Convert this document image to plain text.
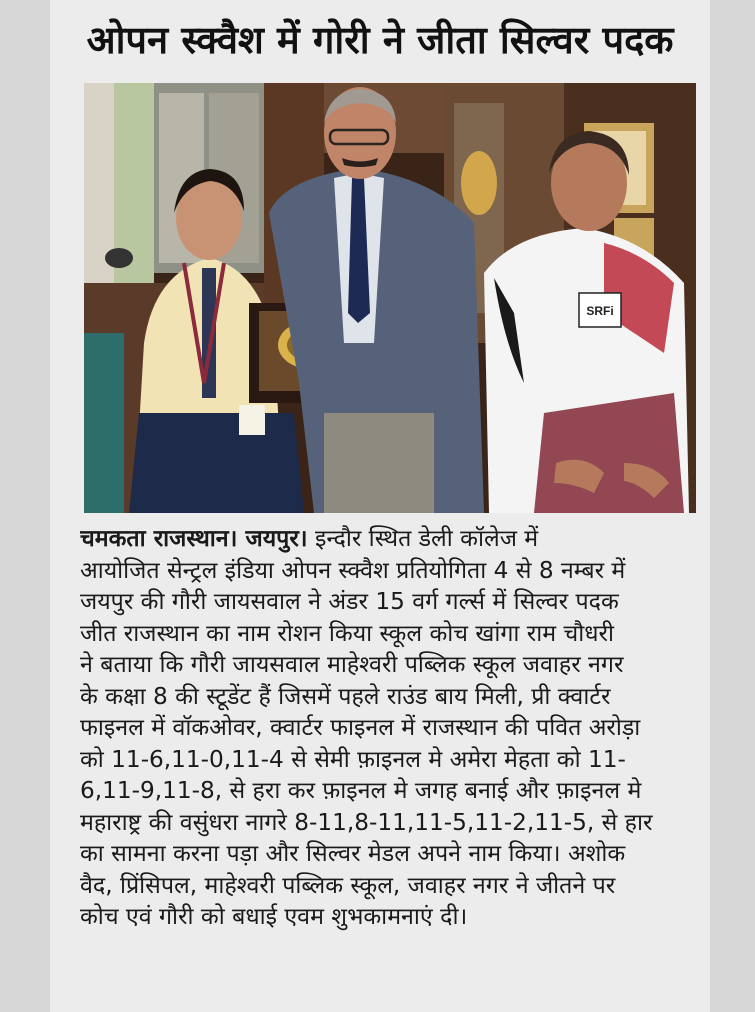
ओपन स्क्वैश में गोरी ने जीता सिल्वर पदक
SRFi
चमकता राजस्थान। जयपुर। इन्दौर स्थित डेली कॉलेज में
आयोजित सेन्ट्रल इंडिया ओपन स्क्वैश प्रतियोगिता 4 से 8 नम्बर में
जयपुर की गौरी जायसवाल ने अंडर 15 वर्ग गर्ल्स में सिल्वर पदक
जीत राजस्थान का नाम रोशन किया स्कूल कोच खांगा राम चौधरी
ने बताया कि गौरी जायसवाल माहेश्वरी पब्लिक स्कूल जवाहर नगर
के कक्षा 8 की स्टूडेंट हैं जिसमें पहले राउंड बाय मिली, प्री क्वार्टर
फाइनल में वॉकओवर, क्वार्टर फाइनल में राजस्थान की पवित अरोड़ा
को 11-6,11-0,11-4 से सेमी फ़ाइनल मे अमेरा मेहता को 11-
6,11-9,11-8, से हरा कर फ़ाइनल मे जगह बनाई और फ़ाइनल मे
महाराष्ट्र की वसुंधरा नागरे 8-11,8-11,11-5,11-2,11-5, से हार
का सामना करना पड़ा और सिल्वर मेडल अपने नाम किया। अशोक
वैद, प्रिंसिपल, माहेश्वरी पब्लिक स्कूल, जवाहर नगर ने जीतने पर
कोच एवं गौरी को बधाई एवम शुभकामनाएं दी।
